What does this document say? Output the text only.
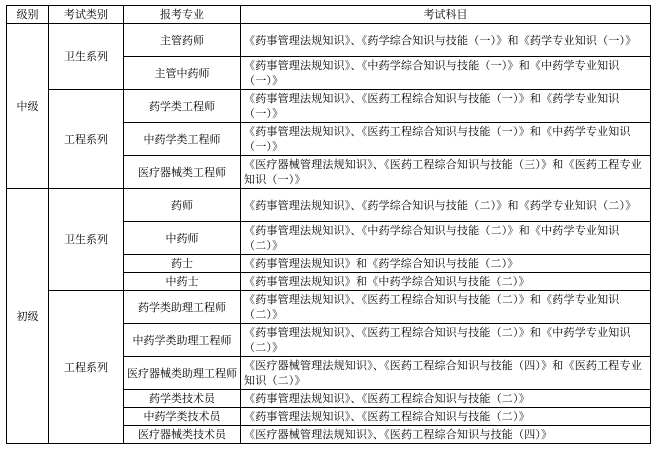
级别	考试类别	报考专业	考试科目
中级	卫生系列	主管药师	《药事管理法规知识》、《药学综合知识与技能（一）》和《药学专业知识（一）》
		主管中药师	《药事管理法规知识》、《中药学综合知识与技能（一）》和《中药学专业知识（一）》
	工程系列	药学类工程师	《药事管理法规知识》、《医药工程综合知识与技能（一）》和《药学专业知识（一）》
		中药学类工程师	《药事管理法规知识》、《医药工程综合知识与技能（一）》和《中药学专业知识（一）》
		医疗器械类工程师	《医疗器械管理法规知识》、《医药工程综合知识与技能（三）》和《医药工程专业知识（一）》
初级	卫生系列	药师	《药事管理法规知识》、《药学综合知识与技能（二）》和《药学专业知识（二）》
		中药师	《药事管理法规知识》、《中药学综合知识与技能（二）》和《中药学专业知识（二）》
		药士	《药事管理法规知识》和《药学综合知识与技能（二）》
		中药士	《药事管理法规知识》和《中药学综合知识与技能（二）》
	工程系列	药学类助理工程师	《药事管理法规知识》、《医药工程综合知识与技能（二）》和《药学专业知识（二）》
		中药学类助理工程师	《药事管理法规知识》、《医药工程综合知识与技能（二）》和《中药学专业知识（二）》
		医疗器械类助理工程师	《医疗器械管理法规知识》、《医药工程综合知识与技能（四）》和《医药工程专业知识（二）》
		药学类技术员	《药事管理法规知识》、《医药工程综合知识与技能（二）》
		中药学类技术员	《药事管理法规知识》、《医药工程综合知识与技能（二）》
		医疗器械类技术员	《医疗器械管理法规知识》、《医药工程综合知识与技能（四）》
